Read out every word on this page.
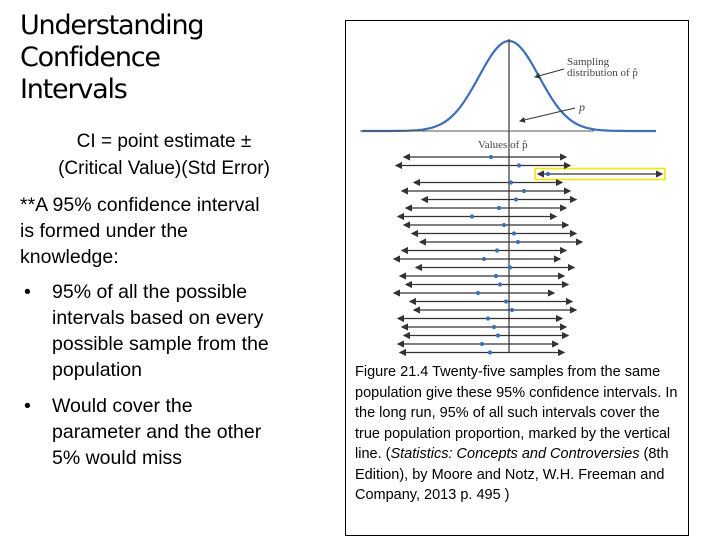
Understanding
Confidence
Intervals
CI = point estimate ±
(Critical Value)(Std Error)
**A 95% confidence interval
is formed under the
knowledge:
• 95% of all the possible
intervals based on every
possible sample from the
population
• Would cover the
parameter and the other
5% would miss
Sampling
distribution of p̂
p
Values of p̂
Figure 21.4 Twenty-five samples from the same population give these 95% confidence intervals. In the long run, 95% of all such intervals cover the true population proportion, marked by the vertical line. (Statistics: Concepts and Controversies (8th Edition), by Moore and Notz, W.H. Freeman and Company, 2013 p. 495 )
